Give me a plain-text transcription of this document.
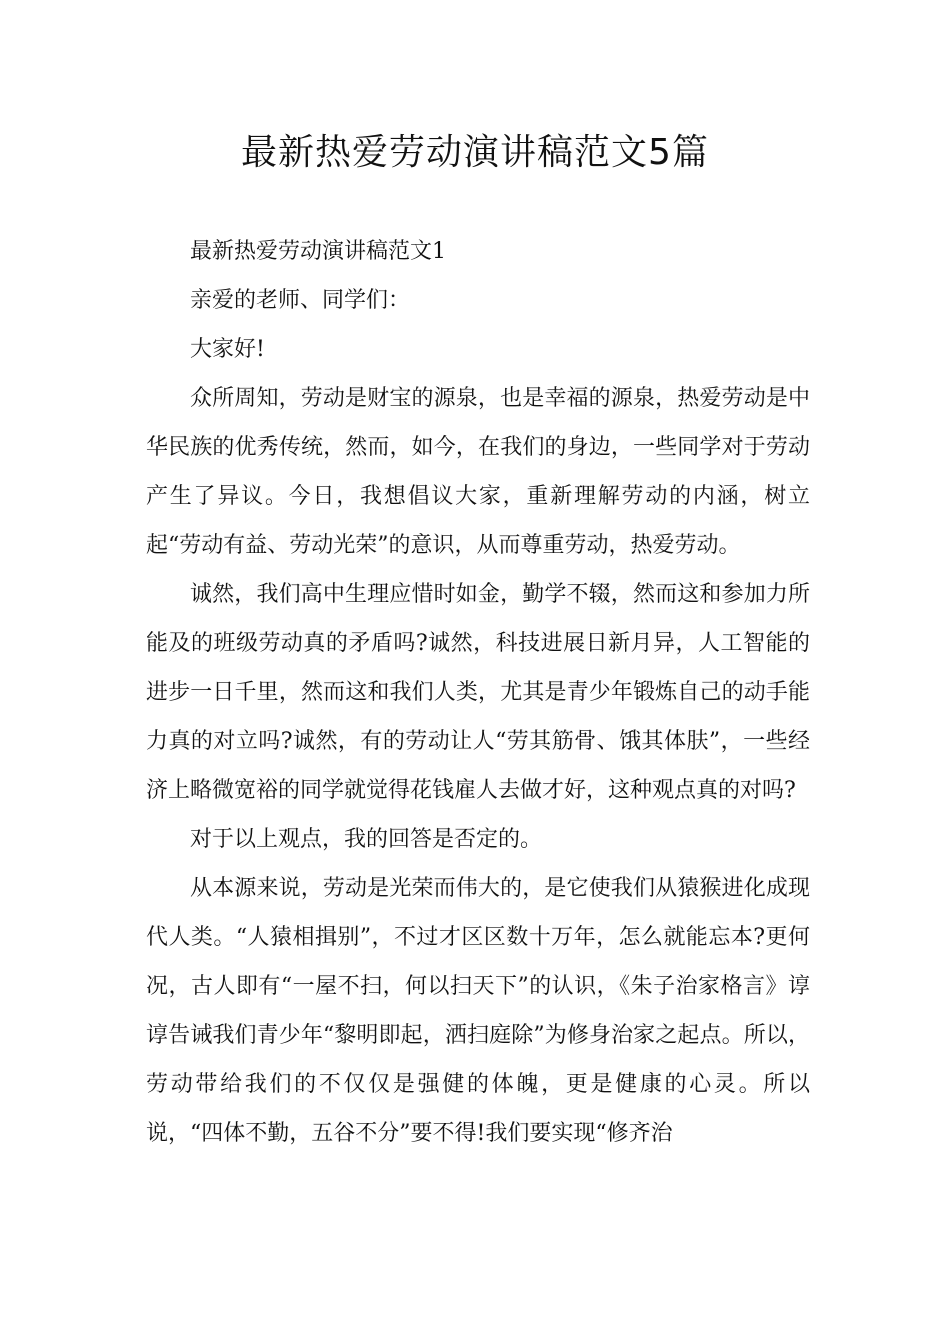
最新热爱劳动演讲稿范文5篇

最新热爱劳动演讲稿范文1

亲爱的老师、同学们：

大家好!

众所周知，劳动是财宝的源泉，也是幸福的源泉，热爱劳动是中华民族的优秀传统，然而，如今，在我们的身边，一些同学对于劳动产生了异议。今日，我想倡议大家，重新理解劳动的内涵，树立起“劳动有益、劳动光荣”的意识，从而尊重劳动，热爱劳动。

诚然，我们高中生理应惜时如金，勤学不辍，然而这和参加力所能及的班级劳动真的矛盾吗?诚然，科技进展日新月异，人工智能的进步一日千里，然而这和我们人类，尤其是青少年锻炼自己的动手能力真的对立吗?诚然，有的劳动让人“劳其筋骨、饿其体肤”，一些经济上略微宽裕的同学就觉得花钱雇人去做才好，这种观点真的对吗?

对于以上观点，我的回答是否定的。

从本源来说，劳动是光荣而伟大的，是它使我们从猿猴进化成现代人类。“人猿相揖别”，不过才区区数十万年，怎么就能忘本?更何况，古人即有“一屋不扫，何以扫天下”的认识，《朱子治家格言》谆谆告诫我们青少年“黎明即起，洒扫庭除”为修身治家之起点。所以，劳动带给我们的不仅仅是强健的体魄，更是健康的心灵。所以说，“四体不勤，五谷不分”要不得!我们要实现“修齐治
